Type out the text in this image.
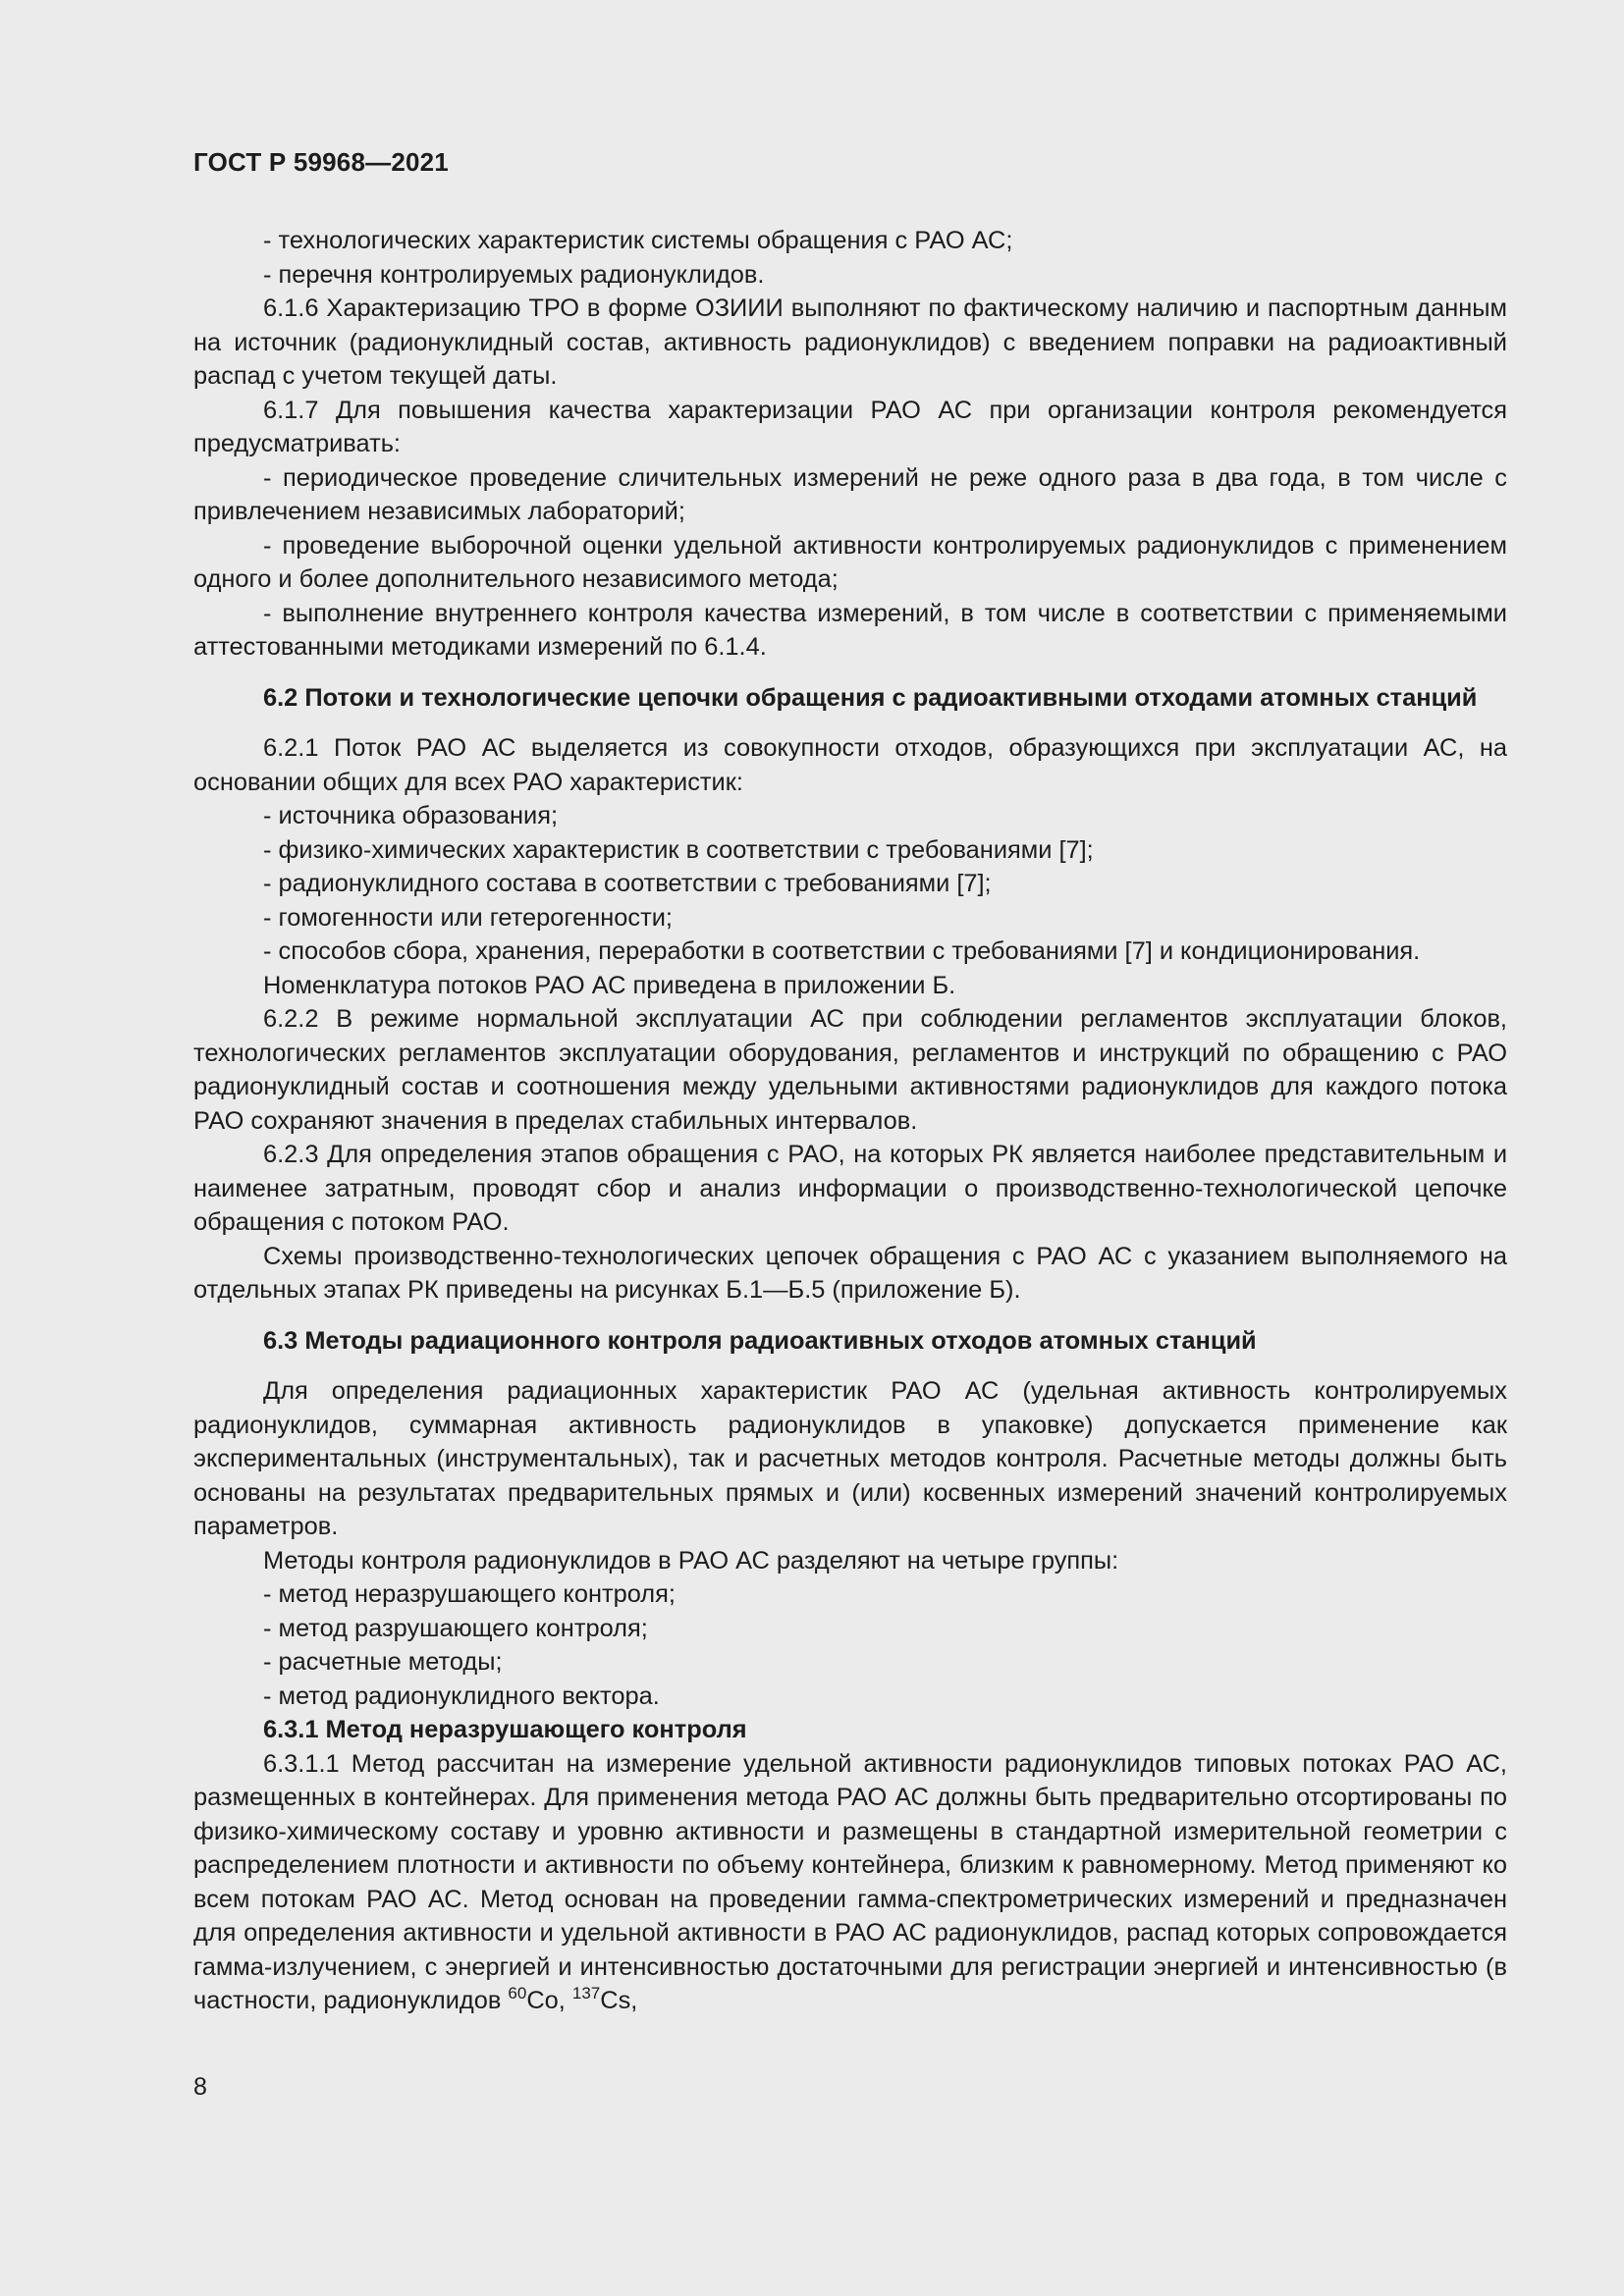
ГОСТ Р 59968—2021

- технологических характеристик системы обращения с РАО АС;

- перечня контролируемых радионуклидов.

6.1.6 Характеризацию ТРО в форме ОЗИИИ выполняют по фактическому наличию и паспортным данным на источник (радионуклидный состав, активность радионуклидов) с введением поправки на радиоактивный распад с учетом текущей даты.

6.1.7 Для повышения качества характеризации РАО АС при организации контроля рекомендуется предусматривать:

- периодическое проведение сличительных измерений не реже одного раза в два года, в том числе с привлечением независимых лабораторий;

- проведение выборочной оценки удельной активности контролируемых радионуклидов с применением одного и более дополнительного независимого метода;

- выполнение внутреннего контроля качества измерений, в том числе в соответствии с применяемыми аттестованными методиками измерений по 6.1.4.

6.2 Потоки и технологические цепочки обращения с радиоактивными отходами атомных станций

6.2.1 Поток РАО АС выделяется из совокупности отходов, образующихся при эксплуатации АС, на основании общих для всех РАО характеристик:

- источника образования;

- физико-химических характеристик в соответствии с требованиями [7];

- радионуклидного состава в соответствии с требованиями [7];

- гомогенности или гетерогенности;

- способов сбора, хранения, переработки в соответствии с требованиями [7] и кондиционирования.

Номенклатура потоков РАО АС приведена в приложении Б.

6.2.2 В режиме нормальной эксплуатации АС при соблюдении регламентов эксплуатации блоков, технологических регламентов эксплуатации оборудования, регламентов и инструкций по обращению с РАО радионуклидный состав и соотношения между удельными активностями радионуклидов для каждого потока РАО сохраняют значения в пределах стабильных интервалов.

6.2.3 Для определения этапов обращения с РАО, на которых РК является наиболее представительным и наименее затратным, проводят сбор и анализ информации о производственно-технологической цепочке обращения с потоком РАО.

Схемы производственно-технологических цепочек обращения с РАО АС с указанием выполняемого на отдельных этапах РК приведены на рисунках Б.1—Б.5 (приложение Б).

6.3 Методы радиационного контроля радиоактивных отходов атомных станций

Для определения радиационных характеристик РАО АС (удельная активность контролируемых радионуклидов, суммарная активность радионуклидов в упаковке) допускается применение как экспериментальных (инструментальных), так и расчетных методов контроля. Расчетные методы должны быть основаны на результатах предварительных прямых и (или) косвенных измерений значений контролируемых параметров.

Методы контроля радионуклидов в РАО АС разделяют на четыре группы:

- метод неразрушающего контроля;

- метод разрушающего контроля;

- расчетные методы;

- метод радионуклидного вектора.

6.3.1 Метод неразрушающего контроля

6.3.1.1 Метод рассчитан на измерение удельной активности радионуклидов типовых потоках РАО АС, размещенных в контейнерах. Для применения метода РАО АС должны быть предварительно отсортированы по физико-химическому составу и уровню активности и размещены в стандартной измерительной геометрии с распределением плотности и активности по объему контейнера, близким к равномерному. Метод применяют ко всем потокам РАО АС. Метод основан на проведении гамма-спектрометрических измерений и предназначен для определения активности и удельной активности в РАО АС радионуклидов, распад которых сопровождается гамма-излучением, с энергией и интенсивностью достаточными для регистрации энергией и интенсивностью (в частности, радионуклидов $^{60}$Co, $^{137}$Cs,

8
